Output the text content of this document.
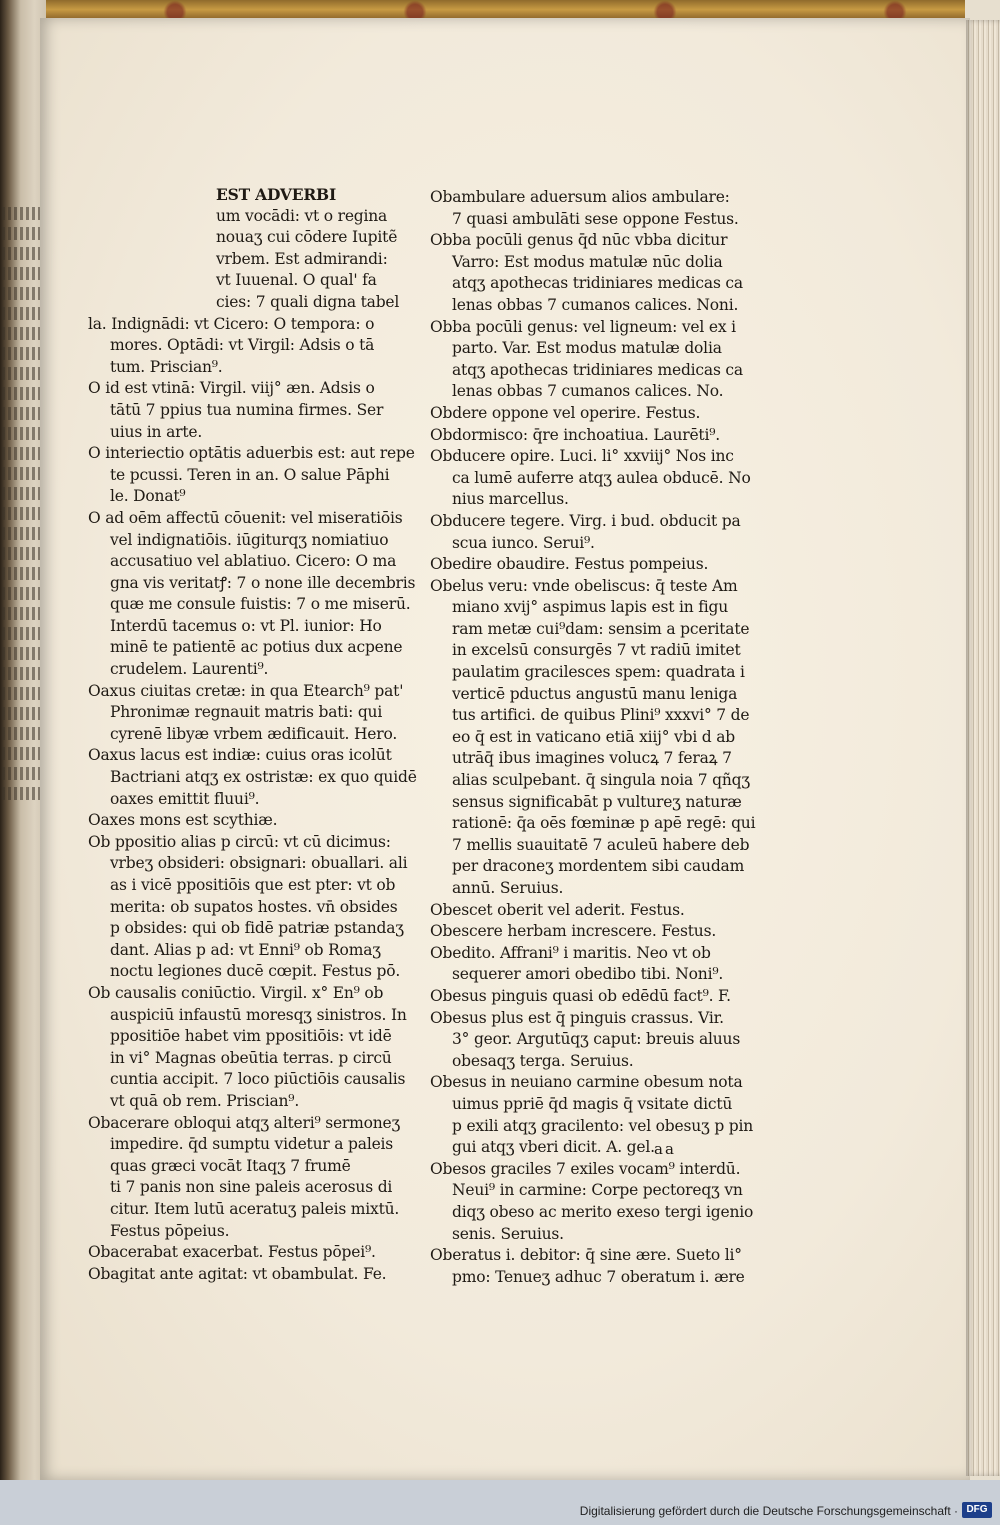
EST ADVERBI
um vocādi: vt o regina
nouaʒ cui cōdere Iupitẽ
vrbem. Est admirandi:
vt Iuuenal. O qual' fa
cies: 7 quali digna tabel
la. Indignādi: vt Cicero: O tempora: o
mores. Optādi: vt Virgil: Adsis o tā
tum. Priscian⁹.
O id est vtinā: Virgil. viij° æn. Adsis o
tātū 7 ppius tua numina firmes. Ser
uius in arte.
O interiectio optātis aduerbis est: aut repe
te pcussi. Teren in an. O salue Pāphi
le. Donat⁹
O ad oēm affectū cōuenit: vel miseratiōis
vel indignatiōis. iūgiturqʒ nomiatiuo
accusatiuo vel ablatiuo. Cicero: O ma
gna vis veritatꝭ: 7 o none ille decembris
quæ me consule fuistis: 7 o me miserū.
Interdū tacemus o: vt Pl. iunior: Ho
minē te patientē ac potius dux acpene
crudelem. Laurenti⁹.
Oaxus ciuitas cretæ: in qua Etearch⁹ pat'
Phronimæ regnauit matris bati: qui
cyrenē libyæ vrbem ædificauit. Hero.
Oaxus lacus est indiæ: cuius oras icolūt
Bactriani atqʒ ex ostristæ: ex quo quidē
oaxes emittit fluui⁹.
Oaxes mons est scythiæ.
Ob ppositio alias p circū: vt cū dicimus:
vrbeʒ obsideri: obsignari: obuallari. ali
as i vicē ppositiōis que est pter: vt ob
merita: ob supatos hostes. vn̄ obsides
p obsides: qui ob fidē patriæ pstandaʒ
dant. Alias p ad: vt Enni⁹ ob Romaʒ
noctu legiones ducē cœpit. Festus pō.
Ob causalis coniūctio. Virgil. x° En⁹ ob
auspiciū infaustū moresqʒ sinistros. In
ppositiōe habet vim ppositiōis: vt idē
in vi° Magnas obeūtia terras. p circū
cuntia accipit. 7 loco piūctiōis causalis
vt quā ob rem. Priscian⁹.
Obacerare obloqui atqʒ alteri⁹ sermoneʒ
impedire. q̄d sumptu videtur a paleis
quas græci vocāt Itaqʒ 7 frumē
ti 7 panis non sine paleis acerosus di
citur. Item lutū aceratuʒ paleis mixtū.
Festus pōpeius.
Obacerabat exacerbat. Festus pōpei⁹.
Obagitat ante agitat: vt obambulat. Fe.
Obambulare aduersum alios ambulare:
7 quasi ambulāti sese oppone Festus.
Obba pocūli genus q̄d nūc vbba dicitur
Varro: Est modus matulæ nūc dolia
atqʒ apothecas tridiniares medicas ca
lenas obbas 7 cumanos calices. Noni.
Obba pocūli genus: vel ligneum: vel ex i
parto. Var. Est modus matulæ dolia
atqʒ apothecas tridiniares medicas ca
lenas obbas 7 cumanos calices. No.
Obdere oppone vel operire. Festus.
Obdormisco: q̄re inchoatiua. Laurēti⁹.
Obducere opire. Luci. li° xxviij° Nos inc
ca lumē auferre atqʒ aulea obducē. No
nius marcellus.
Obducere tegere. Virg. i bud. obducit pa
scua iunco. Serui⁹.
Obedire obaudire. Festus pompeius.
Obelus veru: vnde obeliscus: q̄ teste Am
miano xvij° aspimus lapis est in figu
ram metæ cui⁹dam: sensim a pceritate
in excelsū consurgēs 7 vt radiū imitet
paulatim gracilesces spem: quadrata i
verticē pductus angustū manu leniga
tus artifici. de quibus Plini⁹ xxxvi° 7 de
eo q̄ est in vaticano etiā xiij° vbi d ab
utrāq̄ ibus imagines volucꝝ 7 feraꝝ 7
alias sculpebant. q̄ singula noia 7 qñqʒ
sensus significabāt p vultureʒ naturæ
rationē: q̄a oēs fœminæ p apē regē: qui
7 mellis suauitatē 7 aculeū habere deb
per draconeʒ mordentem sibi caudam
annū. Seruius.
Obescet oberit vel aderit. Festus.
Obescere herbam increscere. Festus.
Obedito. Affrani⁹ i maritis. Neo vt ob
sequerer amori obedibo tibi. Noni⁹.
Obesus pinguis quasi ob edēdū fact⁹. F.
Obesus plus est q̄ pinguis crassus. Vir.
3° geor. Argutūqʒ caput: breuis aluus
obesaqʒ terga. Seruius.
Obesus in neuiano carmine obesum nota
uimus ppriē q̄d magis q̄ vsitate dictū
p exili atqʒ gracilento: vel obesuʒ p pin
gui atqʒ vberi dicit. A. gel.
Obesos graciles 7 exiles vocam⁹ interdū.
Neui⁹ in carmine: Corpe pectoreqʒ vn
diqʒ obeso ac merito exeso tergi igenio
senis. Seruius.
Oberatus i. debitor: q̄ sine ære. Sueto li°
pmo: Tenueʒ adhuc 7 oberatum i. ære
aa
Digitalisierung gefördert durch die Deutsche Forschungsgemeinschaft · DFG
